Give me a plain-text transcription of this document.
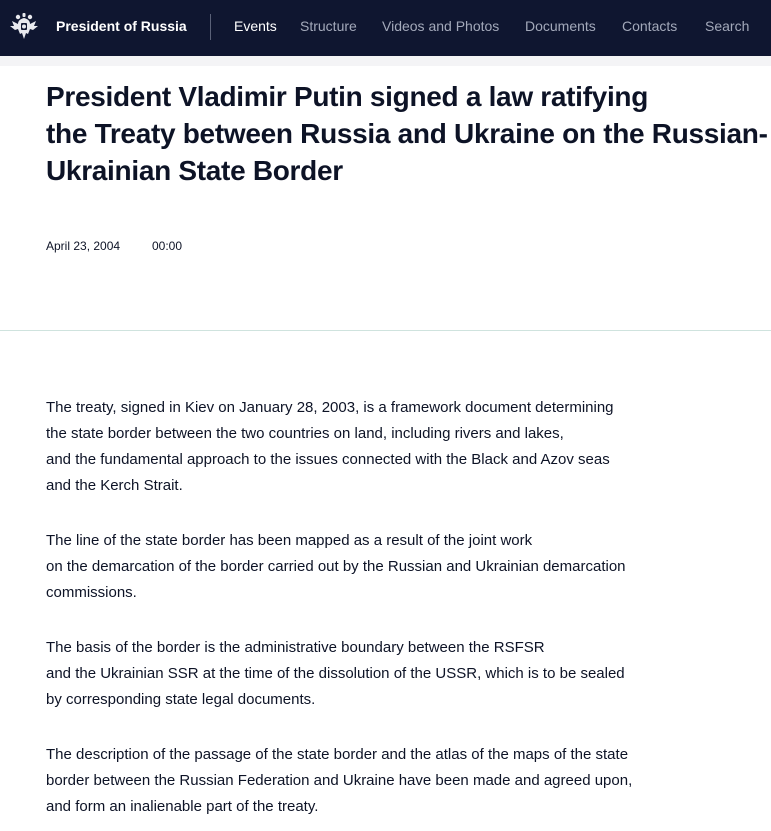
President of Russia	Events Structure Videos and Photos Documents Contacts Search
President Vladimir Putin signed a law ratifying
the Treaty between Russia and Ukraine on the Russian-
Ukrainian State Border
April 23, 2004	00:00

The treaty, signed in Kiev on January 28, 2003, is a framework document determining
the state border between the two countries on land, including rivers and lakes,
and the fundamental approach to the issues connected with the Black and Azov seas
and the Kerch Strait.

The line of the state border has been mapped as a result of the joint work
on the demarcation of the border carried out by the Russian and Ukrainian demarcation
commissions.

The basis of the border is the administrative boundary between the RSFSR
and the Ukrainian SSR at the time of the dissolution of the USSR, which is to be sealed
by corresponding state legal documents.

The description of the passage of the state border and the atlas of the maps of the state
border between the Russian Federation and Ukraine have been made and agreed upon,
and form an inalienable part of the treaty.
